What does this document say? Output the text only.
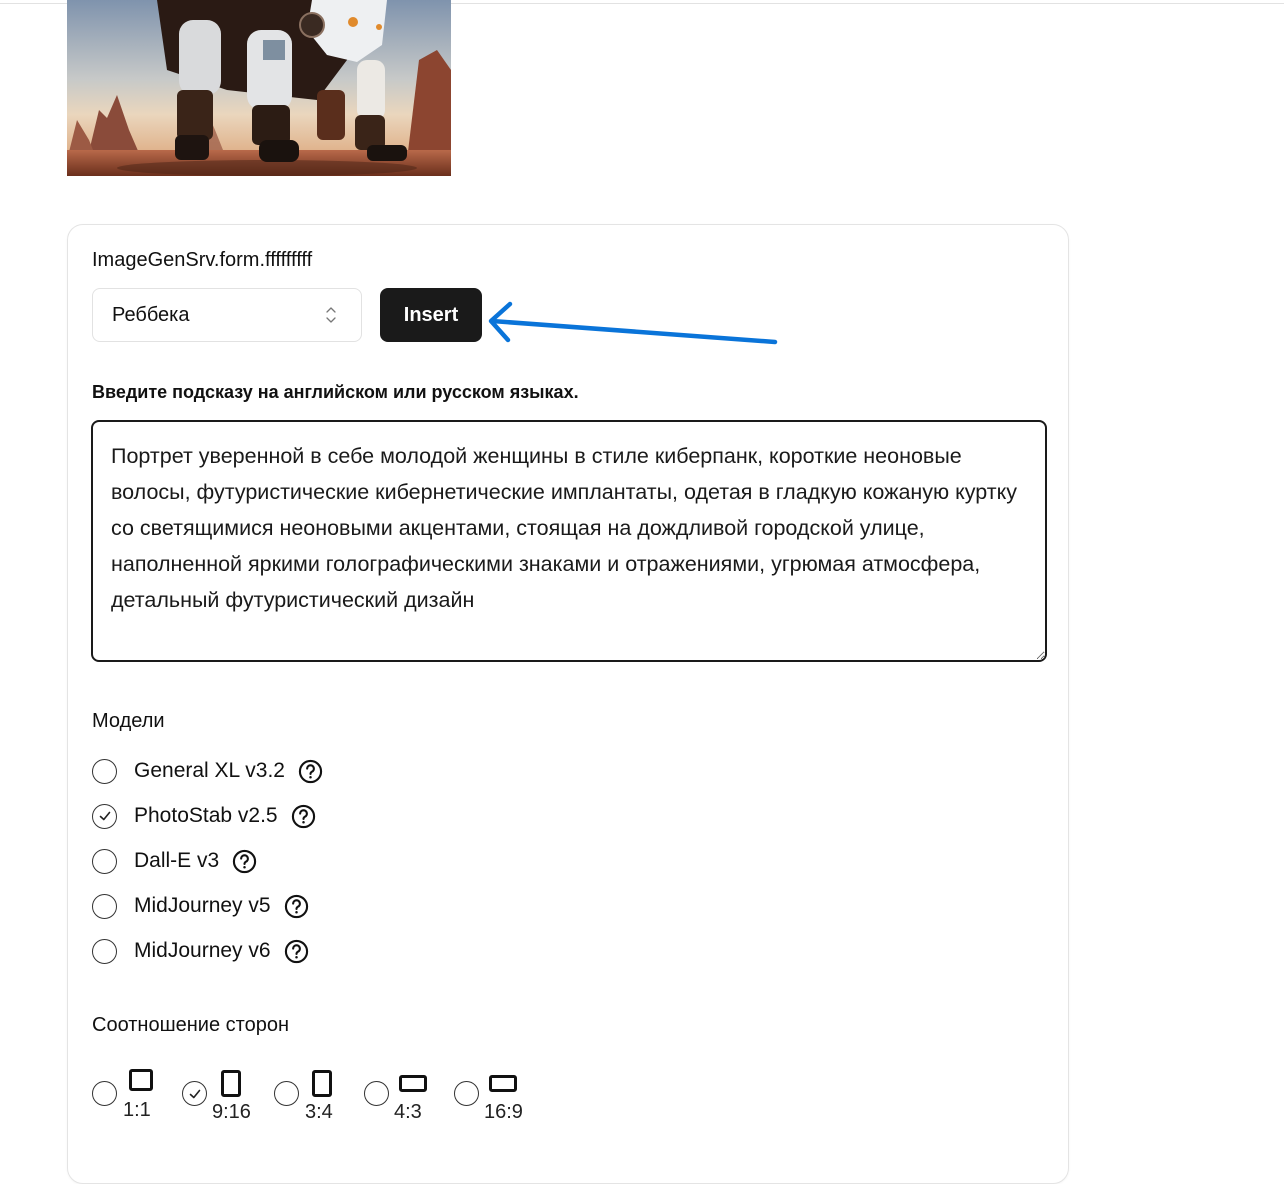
ImageGenSrv.form.fffffffff
Реббека	Insert
Введите подсказу на английском или русском языках.
Портрет уверенной в себе молодой женщины в стиле киберпанк, короткие неоновые волосы, футуристические кибернетические имплантаты, одетая в гладкую кожаную куртку со светящимися неоновыми акцентами, стоящая на дождливой городской улице, наполненной яркими голографическими знаками и отражениями, угрюмая атмосфера, детальный футуристический дизайн
Модели
General XL v3.2
PhotoStab v2.5
Dall-E v3
MidJourney v5
MidJourney v6
Соотношение сторон
1:1	9:16	3:4	4:3	16:9
